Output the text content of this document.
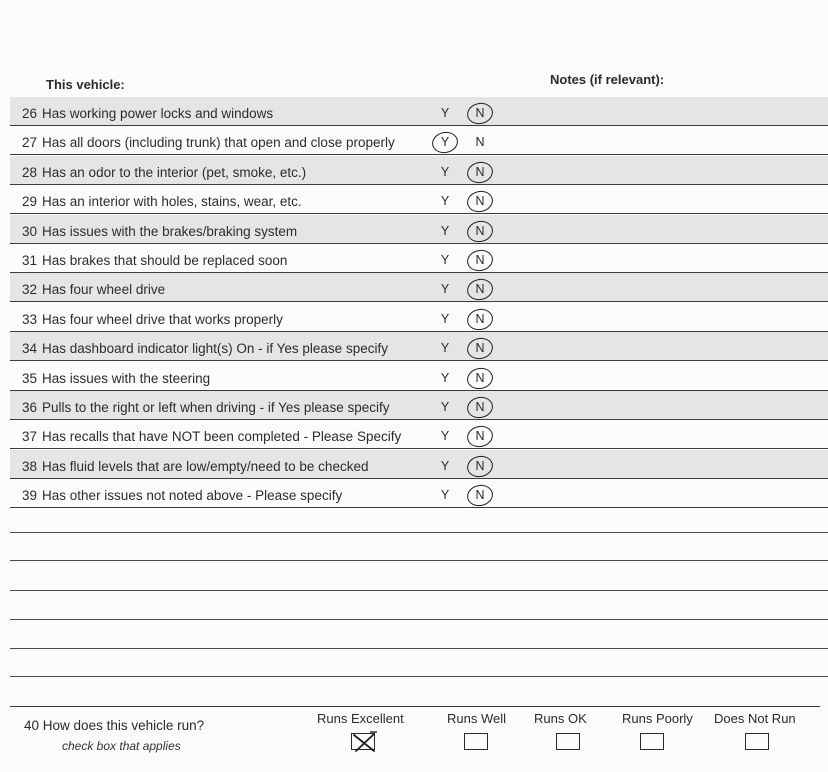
This vehicle:	Notes (if relevant):
26 Has working power locks and windows	Y N
27 Has all doors (including trunk) that open and close properly	Y N
28 Has an odor to the interior (pet, smoke, etc.)	Y N
29 Has an interior with holes, stains, wear, etc.	Y N
30 Has issues with the brakes/braking system	Y N
31 Has brakes that should be replaced soon	Y N
32 Has four wheel drive	Y N
33 Has four wheel drive that works properly	Y N
34 Has dashboard indicator light(s) On - if Yes please specify	Y N
35 Has issues with the steering	Y N
36 Pulls to the right or left when driving - if Yes please specify	Y N
37 Has recalls that have NOT been completed - Please Specify	Y N
38 Has fluid levels that are low/empty/need to be checked	Y N
39 Has other issues not noted above - Please specify	Y N
40 How does this vehicle run?
check box that applies
Runs Excellent	Runs Well Runs OK	Runs Poorly Does Not Run
